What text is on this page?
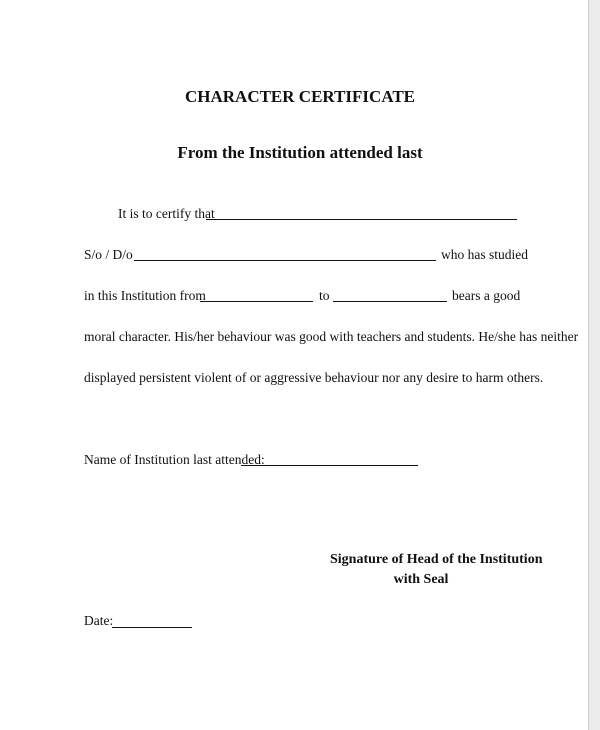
CHARACTER CERTIFICATE
From the Institution attended last
It is to certify that
S/o / D/o	who has studied
in this Institution from	to	bears a good
moral character. His/her behaviour was good with teachers and students. He/she has neither
displayed persistent violent of or aggressive behaviour nor any desire to harm others.
Name of Institution last attended:
Signature of Head of the Institution
with Seal
Date:
